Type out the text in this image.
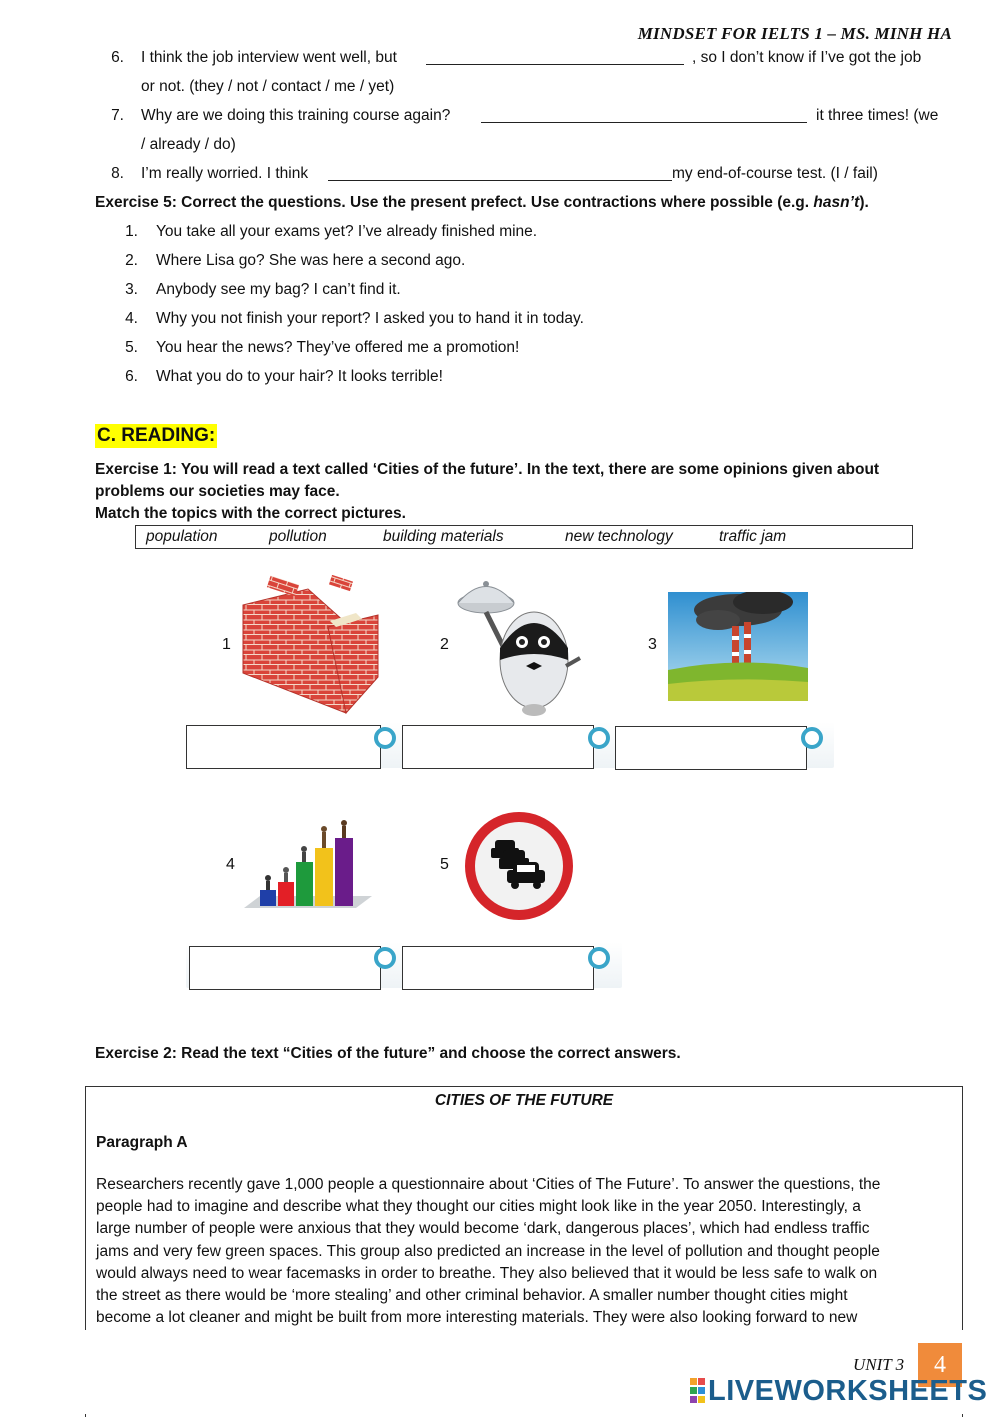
MINDSET FOR IELTS 1 – MS. MINH HA
6. I think the job interview went well, but	, so I don’t know if I’ve got the job
or not. (they / not / contact / me / yet)
7. Why are we doing this training course again?	it three times! (we
/ already / do)
8. I’m really worried. I think	my end-of-course test. (I / fail)
Exercise 5: Correct the questions. Use the present prefect. Use contractions where possible (e.g. hasn’t).
1. You take all your exams yet? I’ve already finished mine.
2. Where Lisa go? She was here a second ago.
3. Anybody see my bag? I can’t find it.
4. Why you not finish your report? I asked you to hand it in today.
5. You hear the news? They’ve offered me a promotion!
6. What you do to your hair? It looks terrible!
C. READING:
Exercise 1: You will read a text called ‘Cities of the future’. In the text, there are some opinions given about
problems our societies may face.
Match the topics with the correct pictures.
population	pollution	building materials	new technology	traffic jam
1	2	3
4	5
Exercise 2: Read the text “Cities of the future” and choose the correct answers.
CITIES OF THE FUTURE
Paragraph A
Researchers recently gave 1,000 people a questionnaire about ‘Cities of The Future’. To answer the questions, the
people had to imagine and describe what they thought our cities might look like in the year 2050. Interestingly, a
large number of people were anxious that they would become ‘dark, dangerous places’, which had endless traffic
jams and very few green spaces. This group also predicted an increase in the level of pollution and thought people
would always need to wear facemasks in order to breathe. They also believed that it would be less safe to walk on
the street as there would be ‘more stealing’ and other criminal behavior. A smaller number thought cities might
become a lot cleaner and might be built from more interesting materials. They were also looking forward to new
UNIT 3	4
LIVEWORKSHEETS
